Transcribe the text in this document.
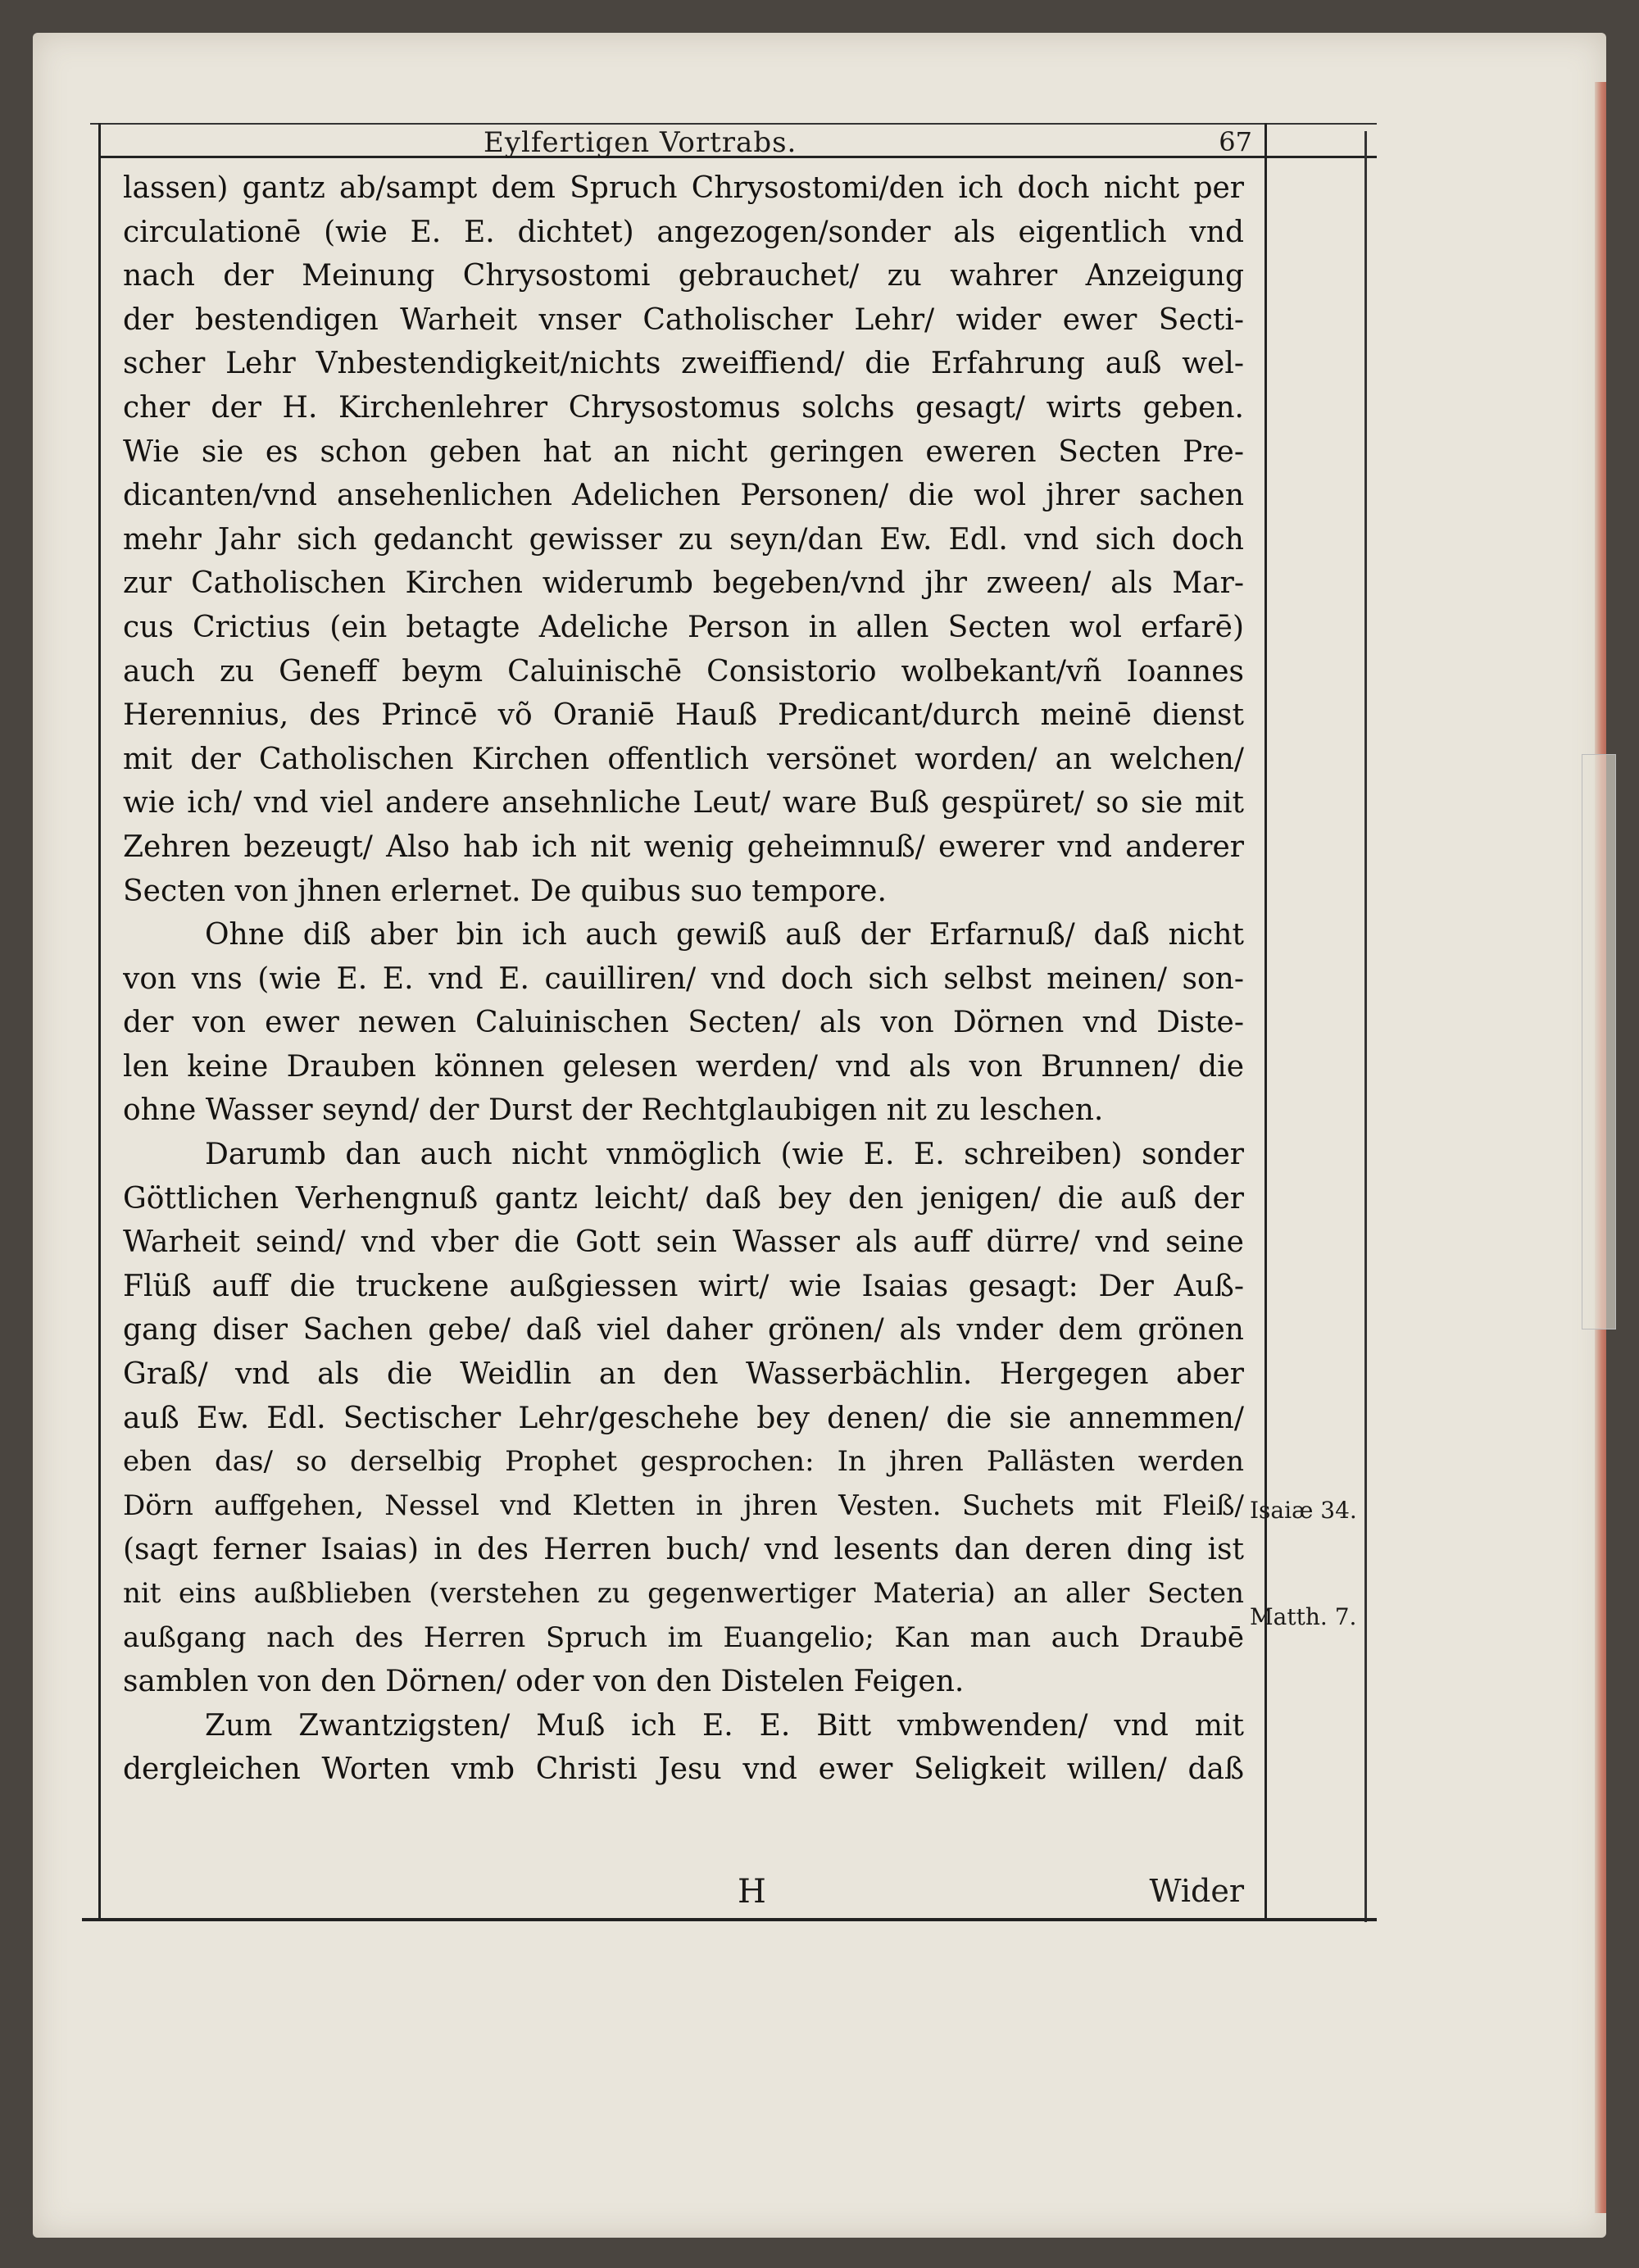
Eylfertigen Vortrabs.	67
lassen) gantz ab/sampt dem Spruch Chrysostomi/den ich doch nicht per
circulationē (wie E. E. dichtet) angezogen/sonder als eigentlich vnd
nach der Meinung Chrysostomi gebrauchet/ zu wahrer Anzeigung
der bestendigen Warheit vnser Catholischer Lehr/ wider ewer Secti-
scher Lehr Vnbestendigkeit/nichts zweiffiend/ die Erfahrung auß wel-
cher der H. Kirchenlehrer Chrysostomus solchs gesagt/ wirts geben.
Wie sie es schon geben hat an nicht geringen eweren Secten Pre-
dicanten/vnd ansehenlichen Adelichen Personen/ die wol jhrer sachen
mehr Jahr sich gedancht gewisser zu seyn/dan Ew. Edl. vnd sich doch
zur Catholischen Kirchen widerumb begeben/vnd jhr zween/ als Mar-
cus Crictius (ein betagte Adeliche Person in allen Secten wol erfarē)
auch zu Geneff beym Caluinischē Consistorio wolbekant/vñ Ioannes
Herennius, des Princē võ Oraniē Hauß Predicant/durch meinē dienst
mit der Catholischen Kirchen offentlich versönet worden/ an welchen/
wie ich/ vnd viel andere ansehnliche Leut/ ware Buß gespüret/ so sie mit
Zehren bezeugt/ Also hab ich nit wenig geheimnuß/ ewerer vnd anderer
Secten von jhnen erlernet. De quibus suo tempore.
Ohne diß aber bin ich auch gewiß auß der Erfarnuß/ daß nicht
von vns (wie E. E. vnd E. cauilliren/ vnd doch sich selbst meinen/ son-
der von ewer newen Caluinischen Secten/ als von Dörnen vnd Diste-
len keine Drauben können gelesen werden/ vnd als von Brunnen/ die
ohne Wasser seynd/ der Durst der Rechtglaubigen nit zu leschen.
Darumb dan auch nicht vnmöglich (wie E. E. schreiben) sonder
Göttlichen Verhengnuß gantz leicht/ daß bey den jenigen/ die auß der
Warheit seind/ vnd vber die Gott sein Wasser als auff dürre/ vnd seine
Flüß auff die truckene außgiessen wirt/ wie Isaias gesagt: Der Auß-
gang diser Sachen gebe/ daß viel daher grönen/ als vnder dem grönen
Graß/ vnd als die Weidlin an den Wasserbächlin. Hergegen aber
auß Ew. Edl. Sectischer Lehr/geschehe bey denen/ die sie annemmen/
eben das/ so derselbig Prophet gesprochen: In jhren Pallästen werden
Dörn auffgehen, Nessel vnd Kletten in jhren Vesten. Suchets mit Fleiß/
(sagt ferner Isaias) in des Herren buch/ vnd lesents dan deren ding ist
nit eins außblieben (verstehen zu gegenwertiger Materia) an aller Secten
außgang nach des Herren Spruch im Euangelio; Kan man auch Draubē
samblen von den Dörnen/ oder von den Distelen Feigen.
Zum Zwantzigsten/ Muß ich E. E. Bitt vmbwenden/ vnd mit
dergleichen Worten vmb Christi Jesu vnd ewer Seligkeit willen/ daß
Isaiæ 34.
Matth. 7.
H	Wider
